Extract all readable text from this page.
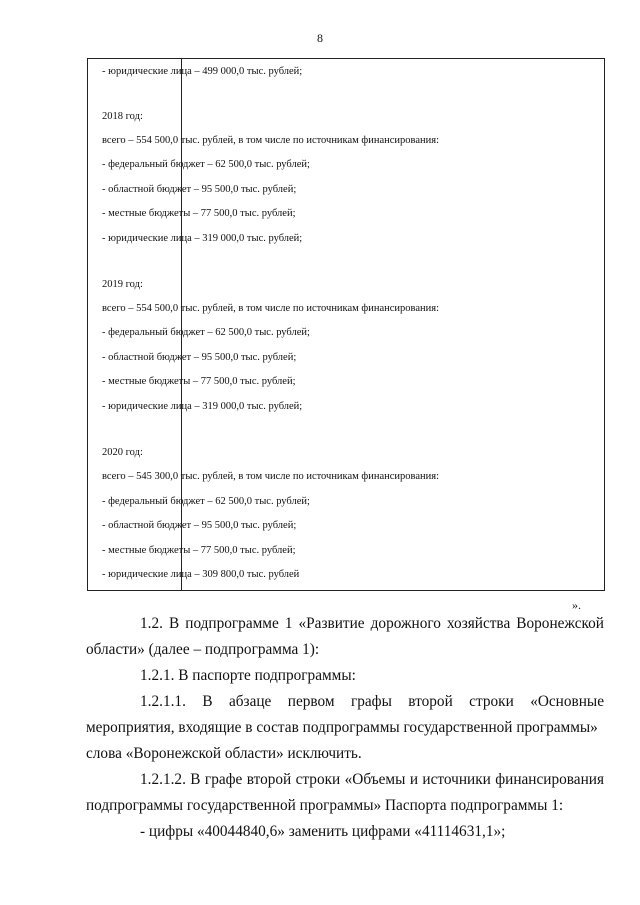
8
- юридические лица – 499 000,0 тыс. рублей;
2018 год:
всего – 554 500,0 тыс. рублей, в том числе по источникам финансирования:
- федеральный бюджет – 62 500,0 тыс. рублей;
- областной бюджет – 95 500,0 тыс. рублей;
- местные бюджеты – 77 500,0 тыс. рублей;
- юридические лица – 319 000,0 тыс. рублей;
2019 год:
всего – 554 500,0 тыс. рублей, в том числе по источникам финансирования:
- федеральный бюджет – 62 500,0 тыс. рублей;
- областной бюджет – 95 500,0 тыс. рублей;
- местные бюджеты – 77 500,0 тыс. рублей;
- юридические лица – 319 000,0 тыс. рублей;
2020 год:
всего – 545 300,0 тыс. рублей, в том числе по источникам финансирования:
- федеральный бюджет – 62 500,0 тыс. рублей;
- областной бюджет – 95 500,0 тыс. рублей;
- местные бюджеты – 77 500,0 тыс. рублей;
- юридические лица – 309 800,0 тыс. рублей
».
1.2. В подпрограмме 1 «Развитие дорожного хозяйства Воронежской
области» (далее – подпрограмма 1):
1.2.1. В паспорте подпрограммы:
1.2.1.1. В абзаце первом графы второй строки «Основные
мероприятия, входящие в состав подпрограммы государственной программы»
слова «Воронежской области» исключить.
1.2.1.2. В графе второй строки «Объемы и источники финансирования
подпрограммы государственной программы» Паспорта подпрограммы 1:
- цифры «40044840,6» заменить цифрами «41114631,1»;
